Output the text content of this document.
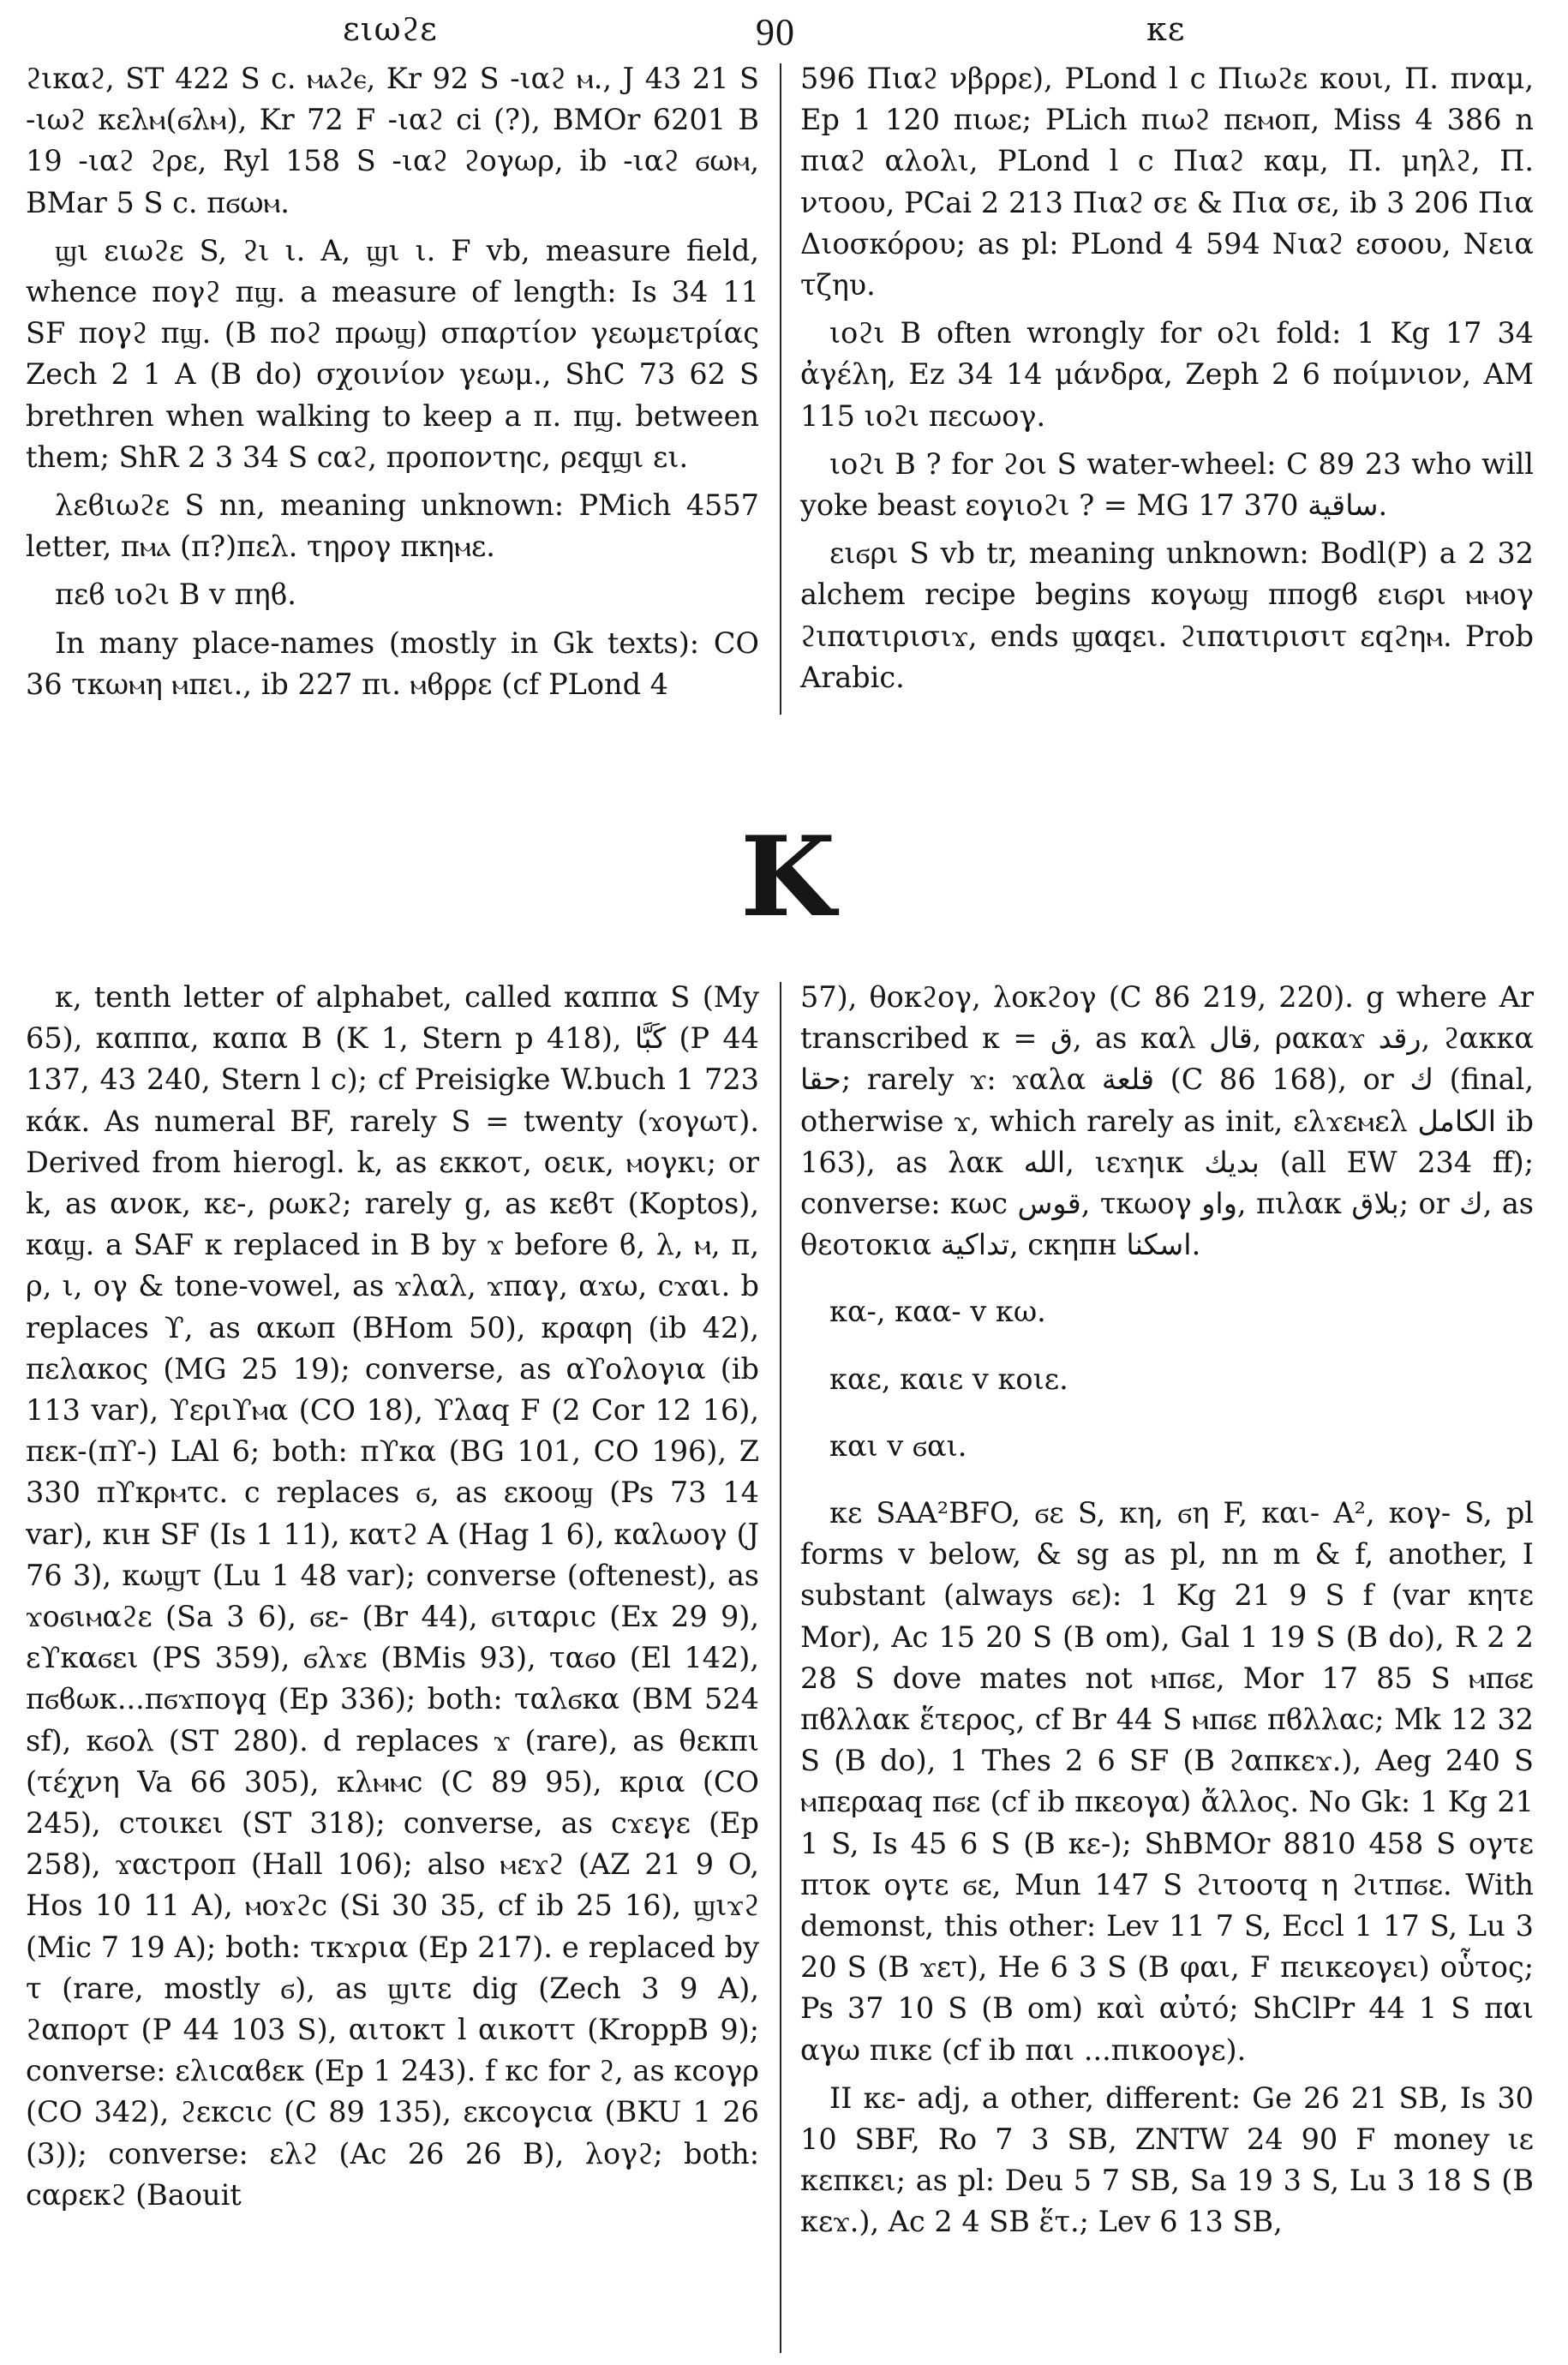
ειωϩε	90	κε

ϩικαϩ, ST 422 S c. ⲙⲁϩⲉ, Kr 92 S -ιαϩ ⲙ., J 43 21 S -ιωϩ κελⲙ(ϭλⲙ), Kr 72 F -ιαϩ ci (?), BMOr 6201 B 19 -ιαϩ ϩρε, Ryl 158 S -ιαϩ ϩογωρ, ib -ιαϩ ϭωⲙ, BMar 5 S c. πϭωⲙ.

ϣι ειωϩε S, ϩι ι. A, ϣι ι. F vb, measure field, whence πογϩ πϣ. a measure of length: Is 34 11 SF πογϩ πϣ. (B ποϩ πρωϣ) σπαρτίον γεωμετρίας Zech 2 1 A (B do) σχοινίον γεωμ., ShC 73 62 S brethren when walking to keep a π. πϣ. between them; ShR 2 3 34 S cαϩ, προποντηc, ρεqϣι ει.

λεϐιωϩε S nn, meaning unknown: PMich 4557 letter, πⲙⲁ (π?)πελ. τηρογ πκηⲙε.

πεϐ ιοϩι B v πηϐ.

In many place-names (mostly in Gk texts): CO 36 τκωⲙη ⲙπει., ib 227 πι. ⲙϐρρε (cf PLond 4

596 Πιαϩ νβρρε), PLond l c Πιωϩε κουι, Π. πναμ, Ep 1 120 πιωε; PLich πιωϩ πεⲙοπ, Miss 4 386 n πιαϩ αλολι, PLond l c Πιαϩ καμ, Π. μηλϩ, Π. ντοου, PCai 2 213 Πιαϩ σε & Πια σε, ib 3 206 Πια Διοσκόρου; as pl: PLond 4 594 Νιαϩ εσοου, Νεια τζηυ.

ιοϩι B often wrongly for οϩι fold: 1 Kg 17 34 ἀγέλη, Ez 34 14 μάνδρα, Zeph 2 6 ποίμνιον, AM 115 ιοϩι πεcωογ.

ιοϩι B ? for ϩοι S water-wheel: C 89 23 who will yoke beast εογιοϩι ? = MG 17 370 ساقية.

ειϭρι S vb tr, meaning unknown: Bodl(P) a 2 32 alchem recipe begins κογωϣ πποgϐ ειϭρι ⲙⲙογ ϩιπατιρισιϫ, ends ϣαqει. ϩιπατιρισιτ εqϩηⲙ. Prob Arabic.

Κ

κ, tenth letter of alphabet, called καππα S (My 65), καππα, καπα B (K 1, Stern p 418), كَبَّا (P 44 137, 43 240, Stern l c); cf Preisigke W.buch 1 723 κάκ. As numeral BF, rarely S = twenty (ϫογωτ). Derived from hierogl. k, as εκκοτ, οειк, ⲙογκι; or k, as ανοκ, κε-, ρωκϩ; rarely g, as κεϐτ (Koptos), καϣ. a SAF κ replaced in B by ϫ before ϐ, λ, ⲙ, π, ρ, ι, ογ & tone-vowel, as ϫλαλ, ϫπαγ, αϫω, cϫαι. b replaces ϒ, as ακωп (BHom 50), κραφη (ib 42), πελακος (MG 25 19); converse, as αϒολογια (ib 113 var), ϒεριϒⲙα (CO 18), ϒλαq F (2 Cor 12 16), πεκ-(πϒ-) LAl 6; both: πϒκα (BG 101, CO 196), Z 330 πϒκρⲙτc. c replaces ϭ, as εκοοϣ (Ps 73 14 var), κιн SF (Is 1 11), κατϩ A (Hag 1 6), καλωογ (J 76 3), κωϣτ (Lu 1 48 var); converse (oftenest), as ϫοϭιⲙαϩε (Sa 3 6), ϭε- (Br 44), ϭιταριc (Ex 29 9), εϒκαϭει (PS 359), ϭλϫε (BMis 93), ταϭο (El 142), πϭϐωκ...πϭϫπογq (Ep 336); both: ταλϭκα (BM 524 sf), κϭολ (ST 280). d replaces ϫ (rare), as θεκπι (τέχνη Va 66 305), κλⲙⲙc (C 89 95), κρια (CO 245), cτοικει (ST 318); converse, as cϫεγε (Ep 258), ϫαcτροп (Hall 106); also ⲙεϫϩ (AZ 21 9 O, Hos 10 11 A), ⲙοϫϩc (Si 30 35, cf ib 25 16), ϣιϫϩ (Mic 7 19 A); both: τκϫρια (Ep 217). e replaced by τ (rare, mostly ϭ), as ϣιτε dig (Zech 3 9 A), ϩαπορτ (P 44 103 S), αιτοκτ l αικοττ (KroppB 9); converse: ελιcαϐεκ (Ep 1 243). f κc for ϩ, as κcογρ (CO 342), ϩεκcιc (C 89 135), εκcογcια (BKU 1 26 (3)); converse: ελϩ (Ac 26 26 B), λογϩ; both: cαρεκϩ (Baouit

57), θοκϩογ, λοκϩογ (C 86 219, 220). g where Ar transcribed κ = ق, as καλ قال, ρακαϫ رقد, ϩακκα حقا; rarely ϫ: ϫαλα قلعة (C 86 168), or ك (final, otherwise ϫ, which rarely as init, ελϫεⲙελ الكامل ib 163), as λακ الله, ιεϫηικ بديك (all EW 234 ff); converse: κωc قوس, τκωογ واو, πιλακ بلاق; or ك, as θεοτοκια تداكية, cκηпн اسكنا.

κα-, καα- v κω.

καε, καιε v κοιε.

και v ϭαι.

κε SAA²BFO, ϭε S, κη, ϭη F, και- A², κογ- S, pl forms v below, & sg as pl, nn m & f, another, I substant (always ϭε): 1 Kg 21 9 S f (var κητε Mor), Ac 15 20 S (B om), Gal 1 19 S (B do), R 2 2 28 S dove mates not ⲙπϭε, Mor 17 85 S ⲙπϭε πϐλλακ ἕτερος, cf Br 44 S ⲙπϭε πϐλλαc; Mk 12 32 S (B do), 1 Thes 2 6 SF (B ϩαπκεϫ.), Aeg 240 S ⲙπεραaq πϭε (cf ib πκεογα) ἄλλος. No Gk: 1 Kg 21 1 S, Is 45 6 S (B κε-); ShBMOr 8810 458 S ογτε πτοκ ογτε ϭε, Mun 147 S ϩιτοοτq η ϩιτπϭε. With demonst, this other: Lev 11 7 S, Eccl 1 17 S, Lu 3 20 S (B ϫετ), He 6 3 S (B φαι, F πεικεογει) οὗτος; Ps 37 10 S (B om) καὶ αὐτό; ShClPr 44 1 S παι αγω πικε (cf ib παι ...πικοογε).

II κε- adj, a other, different: Ge 26 21 SB, Is 30 10 SBF, Ro 7 3 SB, ZNTW 24 90 F money ιε κεπκει; as pl: Deu 5 7 SB, Sa 19 3 S, Lu 3 18 S (B κεϫ.), Ac 2 4 SB ἕτ.; Lev 6 13 SB,
